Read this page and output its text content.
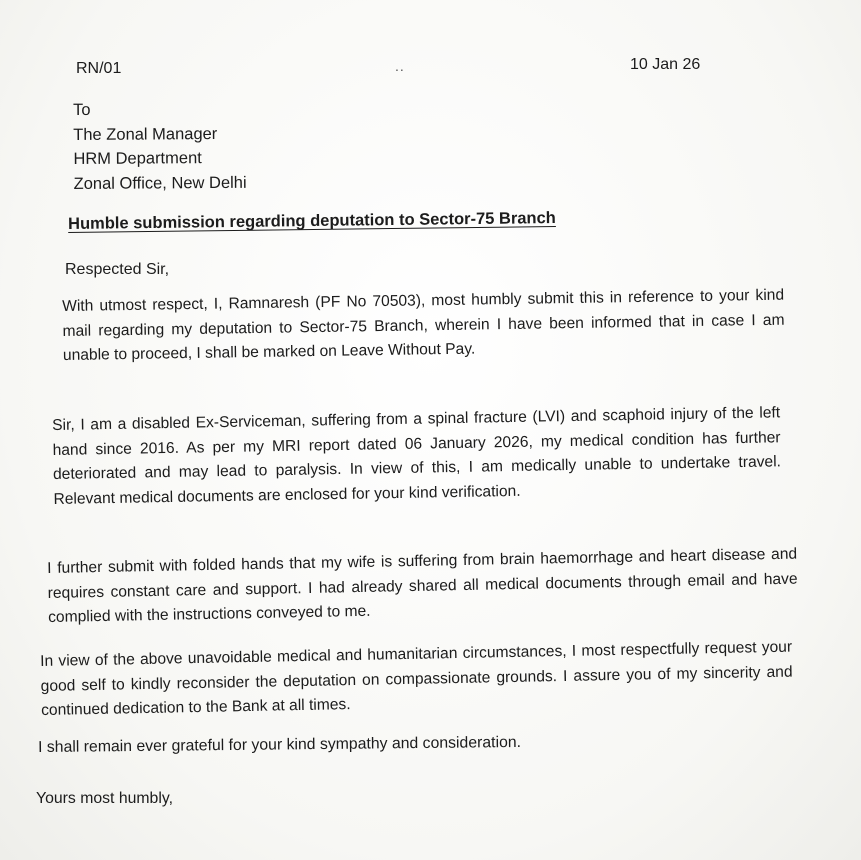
RN/01	..	10 Jan 26
To
The Zonal Manager
HRM Department
Zonal Office, New Delhi
Humble submission regarding deputation to Sector-75 Branch
Respected Sir,
With utmost respect, I, Ramnaresh (PF No 70503), most humbly submit this in reference to your kind mail regarding my deputation to Sector-75 Branch, wherein I have been informed that in case I am unable to proceed, I shall be marked on Leave Without Pay.
Sir, I am a disabled Ex-Serviceman, suffering from a spinal fracture (LVI) and scaphoid injury of the left hand since 2016. As per my MRI report dated 06 January 2026, my medical condition has further deteriorated and may lead to paralysis. In view of this, I am medically unable to undertake travel. Relevant medical documents are enclosed for your kind verification.
I further submit with folded hands that my wife is suffering from brain haemorrhage and heart disease and requires constant care and support. I had already shared all medical documents through email and have complied with the instructions conveyed to me.
In view of the above unavoidable medical and humanitarian circumstances, I most respectfully request your good self to kindly reconsider the deputation on compassionate grounds. I assure you of my sincerity and continued dedication to the Bank at all times.
I shall remain ever grateful for your kind sympathy and consideration.
Yours most humbly,
